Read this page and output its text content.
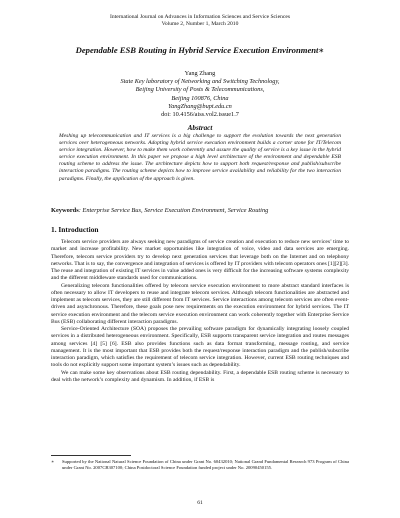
International Journal on Advances in Information Sciences and Service Sciences
Volume 2, Number 1, March 2010
Dependable ESB Routing in Hybrid Service Execution Environment∗
Yang Zhang
State Key laboratory of Networking and Switching Technology,
Beijing University of Posts & Telecommunications,
Beijing 100876, China
YangZhang@bupt.edu.cn
doi: 10.4156/aiss.vol2.issue1.7
Abstract
Meshing up telecommunication and IT services is a big challenge to support the evolution towards the next generation services over heterogeneous networks. Adopting hybrid service execution environment builds a corner stone for IT/Telecom service integration. However, how to make them work coherently and assure the quality of service is a key issue in the hybrid service execution environment. In this paper we propose a high level architecture of the environment and dependable ESB routing scheme to address the issue. The architecture depicts how to support both request/response and publish/subscribe interaction paradigms. The routing scheme depicts how to improve service availability and reliability for the two interaction paradigms. Finally, the application of the approach is given.
Keywords: Enterprise Service Bus, Service Execution Environment, Service Routing
1. Introduction

Telecom service providers are always seeking new paradigms of service creation and execution to reduce new services’ time to market and increase profitability. New market opportunities like integration of voice, video and data services are emerging. Therefore, telecom service providers try to develop next generation services that leverage both on the Internet and on telephony networks. That is to say, the convergence and integration of services is offered by IT providers with telecom operators ones [1][2][3]. The reuse and integration of existing IT services in value added ones is very difficult for the increasing software systems complexity and the different middleware standards used for communications.

Generalizing telecom functionalities offered by telecom service execution environment to more abstract standard interfaces is often necessary to allow IT developers to reuse and integrate telecom services. Although telecom functionalities are abstracted and implement as telecom services, they are still different from IT services. Service interactions among telecom services are often event-driven and asynchronous. Therefore, these goals pose new requirements on the execution environment for hybrid services. The IT service execution environment and the telecom service execution environment can work coherently together with Enterprise Service Bus (ESB) collaborating different interaction paradigms.

Service-Oriented Architecture (SOA) proposes the prevailing software paradigm for dynamically integrating loosely coupled services in a distributed heterogeneous environment. Specifically, ESB supports transparent service integration and routes messages among services [4] [5] [6]. ESB also provides functions such as data format transforming, message routing, and service management. It is the most important that ESB provides both the request/response interaction paradigm and the publish/subscribe interaction paradigm, which satisfies the requirement of telecom service integration. However, current ESB routing techniques and tools do not explicitly support some important system’s issues such as dependability.

We can make some key observations about ESB routing dependability. First, a dependable ESB routing scheme is necessary to deal with the network’s complexity and dynamism. In addition, if ESB is

∗ Supported by the National Natural Science Foundation of China under Grant No. 60432010; National Grand Fundamental Research 973 Program of China under Grant No. 2007CB307100; China Postdoctoral Science Foundation funded project under No. 20090450155.
61
